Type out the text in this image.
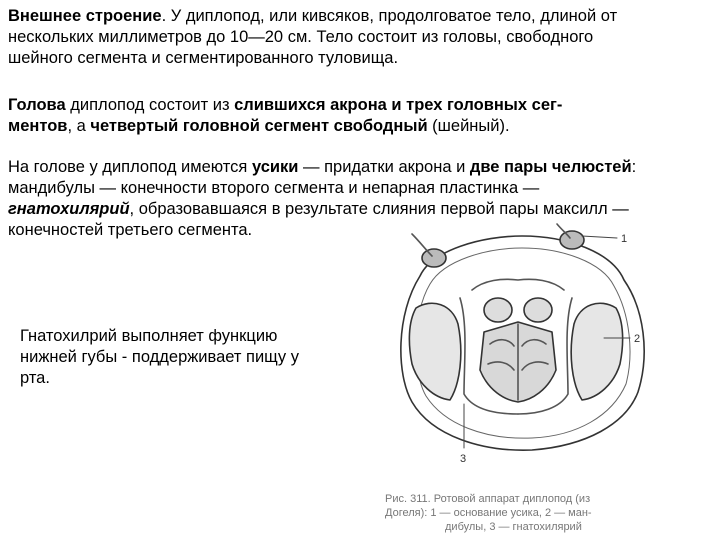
Внешнее строение. У диплопод, или кивсяков, продолговатое тело, длиной от
нескольких миллиметров до 10—20 см. Тело состоит из головы, свободного
шейного сегмента и сегментированного туловища.

Голова диплопод состоит из слившихся акрона и трех головных сег-
ментов, а четвертый головной сегмент свободный (шейный).

На голове у диплопод имеются усики — придатки акрона и две пары челюстей:
мандибулы — конечности второго сегмента и непарная пластинка —
гнатохилярий, образовавшаяся в результате слияния первой пары максилл —
конечностей третьего сегмента.	1
2
3
Гнатохилрий выполняет функцию
нижней губы - поддерживает пищу у
рта.
Рис. 311. Ротовой аппарат диплопод (из
Догеля): 1 — основание усика, 2 — ман-
дибулы, 3 — гнатохилярий
